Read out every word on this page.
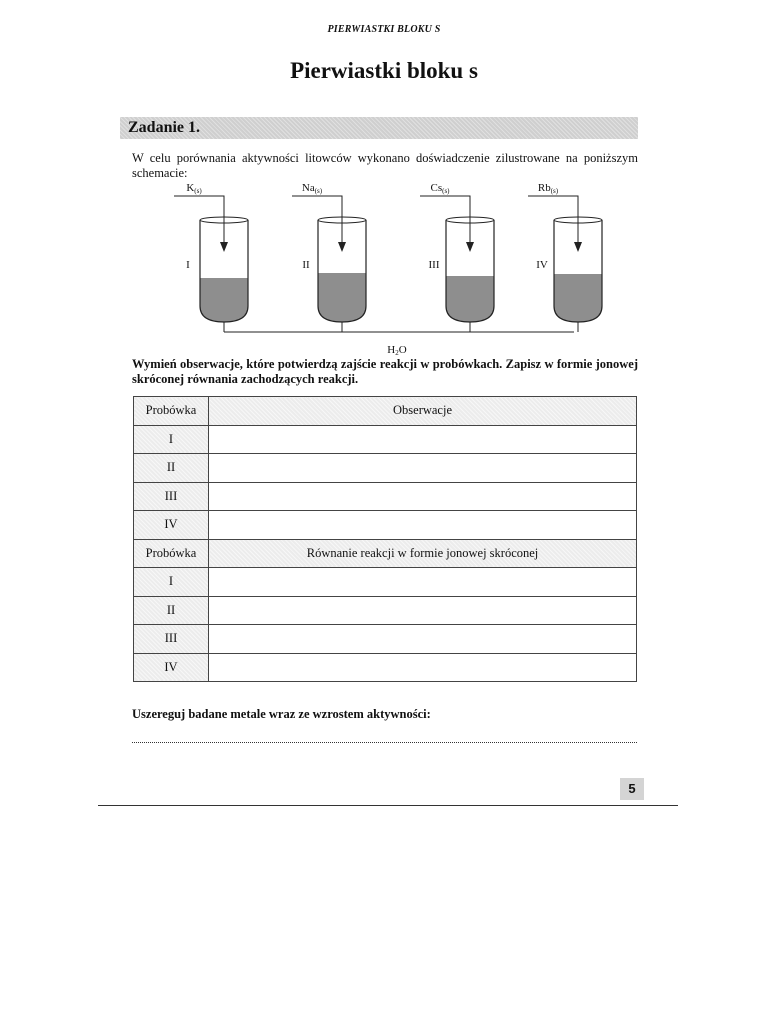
PIERWIASTKI BLOKU S
Pierwiastki bloku s
Zadanie 1.
W celu porównania aktywności litowców wykonano doświadczenie zilustrowane na poniższym schemacie:
K(s)
I
Na(s)
II
Cs(s)
III
Rb(s)
IV
H2O
Wymień obserwacje, które potwierdzą zajście reakcji w probówkach. Zapisz w formie jonowej skróconej równania zachodzących reakcji.
Probówka	Obserwacje
I	
II	
III	
IV	
Probówka	Równanie reakcji w formie jonowej skróconej
I	
II	
III	
IV	
Uszereguj badane metale wraz ze wzrostem aktywności:
5
